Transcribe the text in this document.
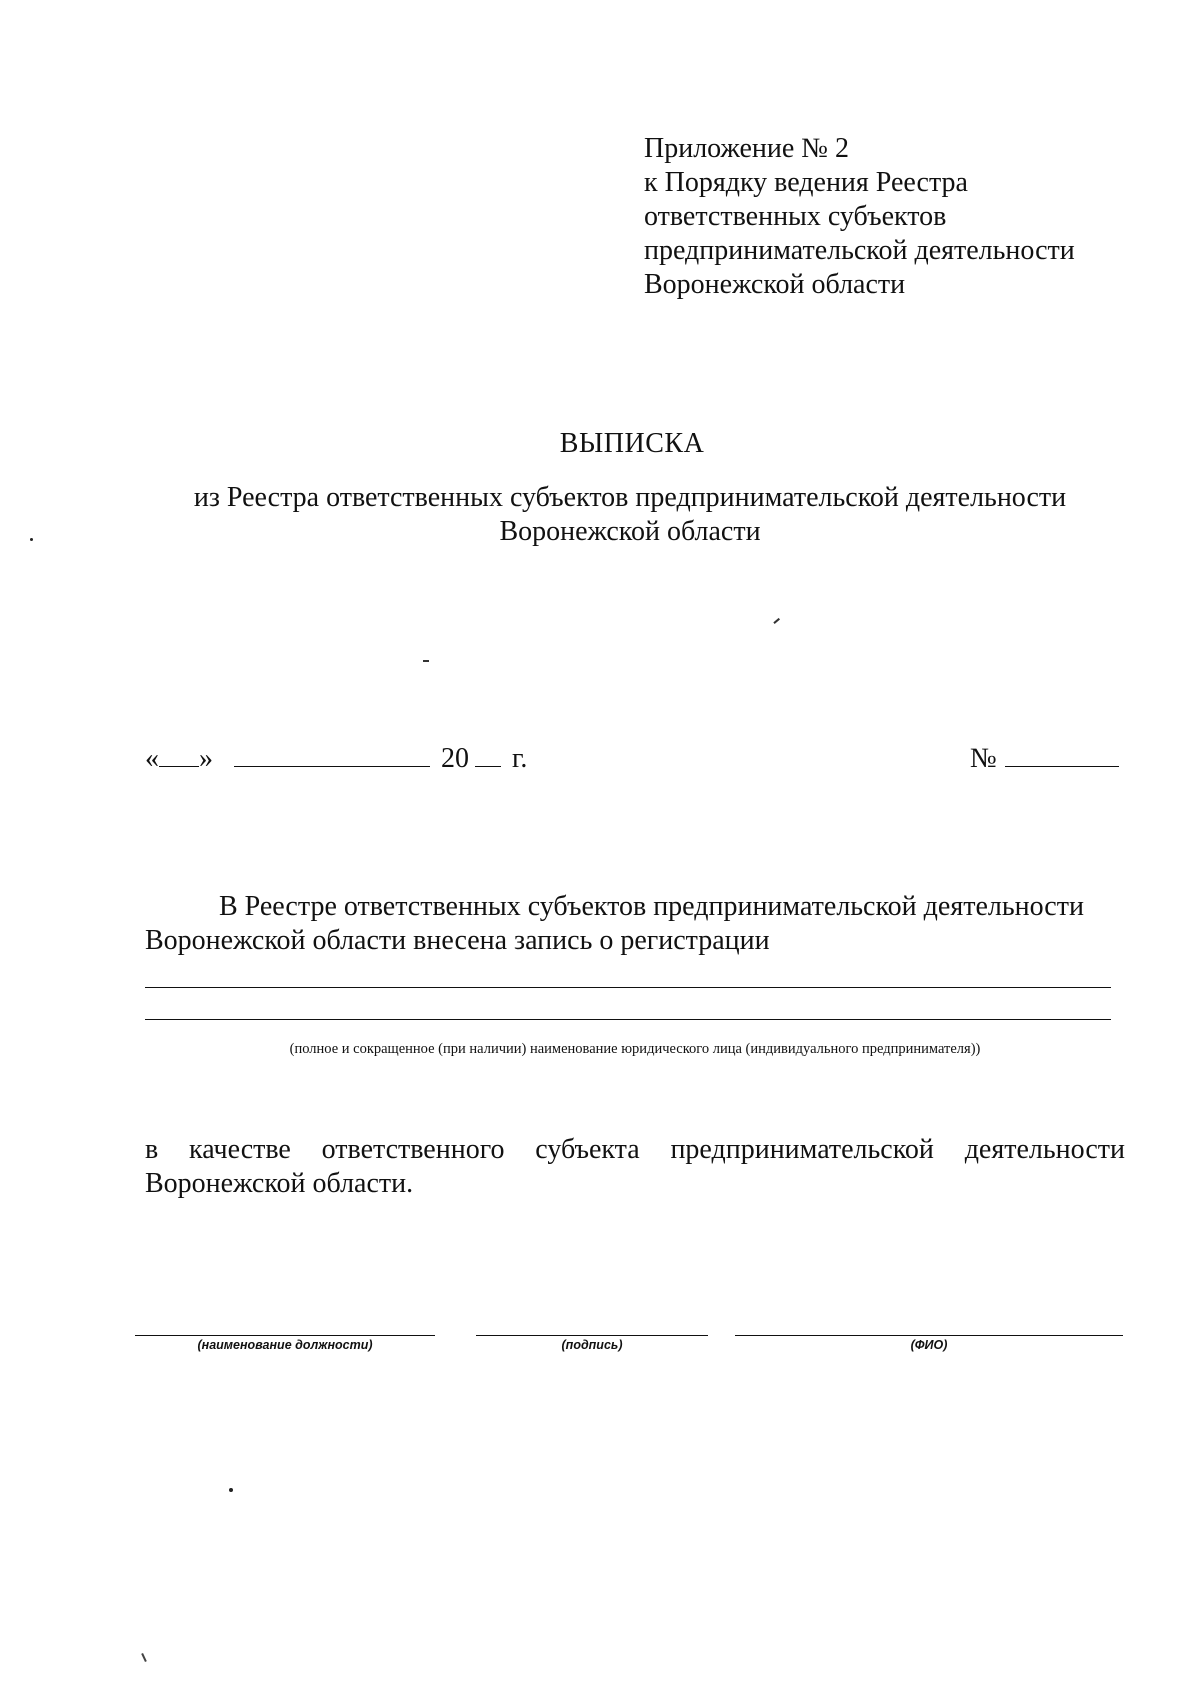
Приложение № 2
к Порядку ведения Реестра
ответственных субъектов
предпринимательской деятельности
Воронежской области
ВЫПИСКА
из Реестра ответственных субъектов предпринимательской деятельности
Воронежской области
« »	20 г.	№
В Реестре ответственных субъектов предпринимательской деятельности
Воронежской области внесена запись о регистрации
(полное и сокращенное (при наличии) наименование юридического лица (индивидуального предпринимателя))
в качестве ответственного субъекта предпринимательской деятельности
Воронежской области.
(наименование должности)	(подпись)	(ФИО)
